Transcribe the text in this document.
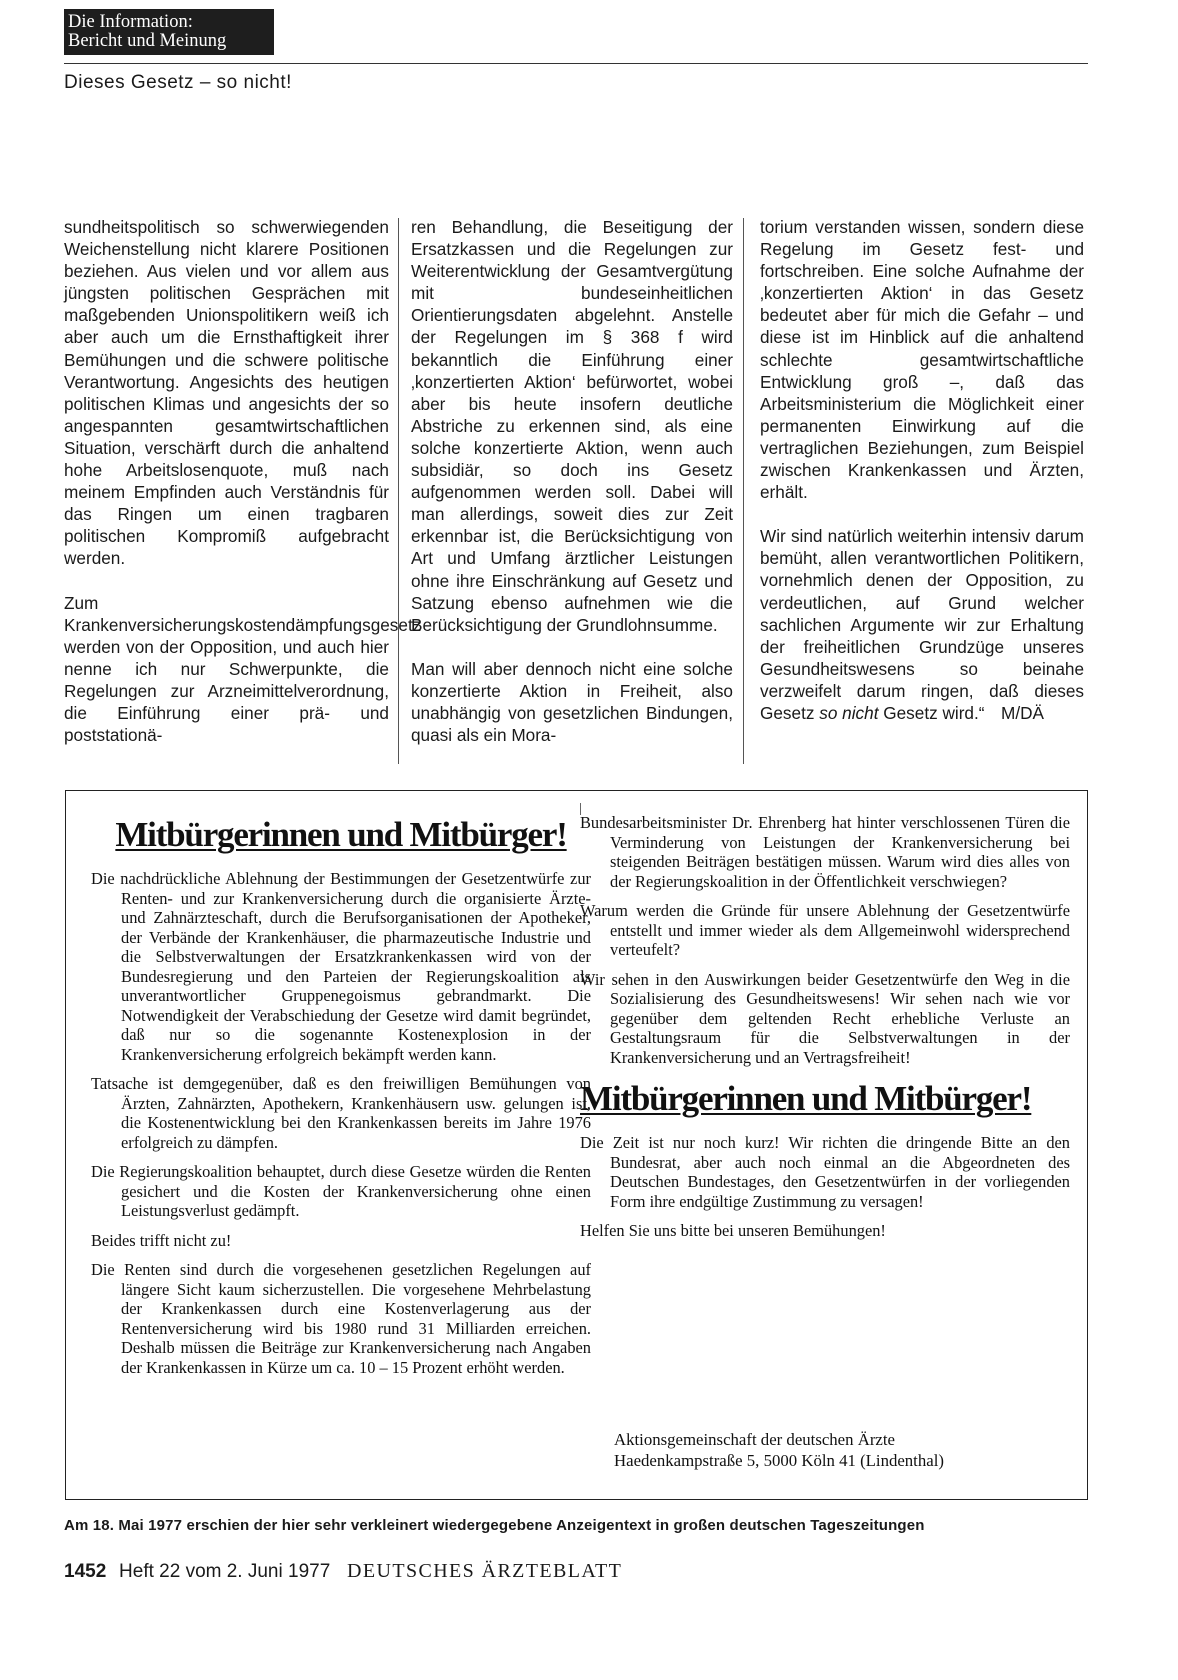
Die Information:
Bericht und Meinung
Dieses Gesetz – so nicht!

sundheitspolitisch so schwerwiegenden Weichenstellung nicht klarere Positionen beziehen. Aus vielen und vor allem aus jüngsten politischen Gesprächen mit maßgebenden Unionspolitikern weiß ich aber auch um die Ernsthaftigkeit ihrer Bemühungen und die schwere politische Verantwortung. Angesichts des heutigen politischen Klimas und angesichts der so angespannten gesamtwirtschaftlichen Situation, verschärft durch die anhaltend hohe Arbeitslosenquote, muß nach meinem Empfinden auch Verständnis für das Ringen um einen tragbaren politischen Kompromiß aufgebracht werden.

Zum Krankenversicherungskostendämpfungsgesetz werden von der Opposition, und auch hier nenne ich nur Schwerpunkte, die Regelungen zur Arzneimittelverordnung, die Einführung einer prä- und poststationä-

ren Behandlung, die Beseitigung der Ersatzkassen und die Regelungen zur Weiterentwicklung der Gesamtvergütung mit bundeseinheitlichen Orientierungsdaten abgelehnt. Anstelle der Regelungen im § 368 f wird bekanntlich die Einführung einer ‚konzertierten Aktion‘ befürwortet, wobei aber bis heute insofern deutliche Abstriche zu erkennen sind, als eine solche konzertierte Aktion, wenn auch subsidiär, so doch ins Gesetz aufgenommen werden soll. Dabei will man allerdings, soweit dies zur Zeit erkennbar ist, die Berücksichtigung von Art und Umfang ärztlicher Leistungen ohne ihre Einschränkung auf Gesetz und Satzung ebenso aufnehmen wie die Berücksichtigung der Grundlohnsumme.

Man will aber dennoch nicht eine solche konzertierte Aktion in Freiheit, also unabhängig von gesetzlichen Bindungen, quasi als ein Mora-

torium verstanden wissen, sondern diese Regelung im Gesetz fest- und fortschreiben. Eine solche Aufnahme der ‚konzertierten Aktion‘ in das Gesetz bedeutet aber für mich die Gefahr – und diese ist im Hinblick auf die anhaltend schlechte gesamtwirtschaftliche Entwicklung groß –, daß das Arbeitsministerium die Möglichkeit einer permanenten Einwirkung auf die vertraglichen Beziehungen, zum Beispiel zwischen Krankenkassen und Ärzten, erhält.

Wir sind natürlich weiterhin intensiv darum bemüht, allen verantwortlichen Politikern, vornehmlich denen der Opposition, zu verdeutlichen, auf Grund welcher sachlichen Argumente wir zur Erhaltung der freiheitlichen Grundzüge unseres Gesundheitswesens so beinahe verzweifelt darum ringen, daß dieses Gesetz so nicht Gesetz wird.“ M/DÄ

Mitbürgerinnen und Mitbürger!

Die nachdrückliche Ablehnung der Bestimmungen der Gesetzentwürfe zur Renten- und zur Krankenversicherung durch die organisierte Ärzte- und Zahnärzteschaft, durch die Berufsorganisationen der Apotheker, der Verbände der Krankenhäuser, die pharmazeutische Industrie und die Selbstverwaltungen der Ersatzkrankenkassen wird von der Bundesregierung und den Parteien der Regierungskoalition als unverantwortlicher Gruppenegoismus gebrandmarkt. Die Notwendigkeit der Verabschiedung der Gesetze wird damit begründet, daß nur so die sogenannte Kostenexplosion in der Krankenversicherung erfolgreich bekämpft werden kann.

Tatsache ist demgegenüber, daß es den freiwilligen Bemühungen von Ärzten, Zahnärzten, Apothekern, Krankenhäusern usw. gelungen ist, die Kostenentwicklung bei den Krankenkassen bereits im Jahre 1976 erfolgreich zu dämpfen.

Die Regierungskoalition behauptet, durch diese Gesetze würden die Renten gesichert und die Kosten der Krankenversicherung ohne einen Leistungsverlust gedämpft.

Beides trifft nicht zu!

Die Renten sind durch die vorgesehenen gesetzlichen Regelungen auf längere Sicht kaum sicherzustellen. Die vorgesehene Mehrbelastung der Krankenkassen durch eine Kostenverlagerung aus der Rentenversicherung wird bis 1980 rund 31 Milliarden erreichen. Deshalb müssen die Beiträge zur Krankenversicherung nach Angaben der Krankenkassen in Kürze um ca. 10 – 15 Prozent erhöht werden.

Bundesarbeitsminister Dr. Ehrenberg hat hinter verschlossenen Türen die Verminderung von Leistungen der Krankenversicherung bei steigenden Beiträgen bestätigen müssen. Warum wird dies alles von der Regierungskoalition in der Öffentlichkeit verschwiegen?

Warum werden die Gründe für unsere Ablehnung der Gesetzentwürfe entstellt und immer wieder als dem Allgemeinwohl widersprechend verteufelt?

Wir sehen in den Auswirkungen beider Gesetzentwürfe den Weg in die Sozialisierung des Gesundheitswesens! Wir sehen nach wie vor gegenüber dem geltenden Recht erhebliche Verluste an Gestaltungsraum für die Selbstverwaltungen in der Krankenversicherung und an Vertragsfreiheit!

Mitbürgerinnen und Mitbürger!

Die Zeit ist nur noch kurz! Wir richten die dringende Bitte an den Bundesrat, aber auch noch einmal an die Abgeordneten des Deutschen Bundestages, den Gesetzentwürfen in der vorliegenden Form ihre endgültige Zustimmung zu versagen!

Helfen Sie uns bitte bei unseren Bemühungen!

Aktionsgemeinschaft der deutschen Ärzte
Haedenkampstraße 5, 5000 Köln 41 (Lindenthal)
Am 18. Mai 1977 erschien der hier sehr verkleinert wiedergegebene Anzeigentext in großen deutschen Tageszeitungen
1452 Heft 22 vom 2. Juni 1977 DEUTSCHES ÄRZTEBLATT
